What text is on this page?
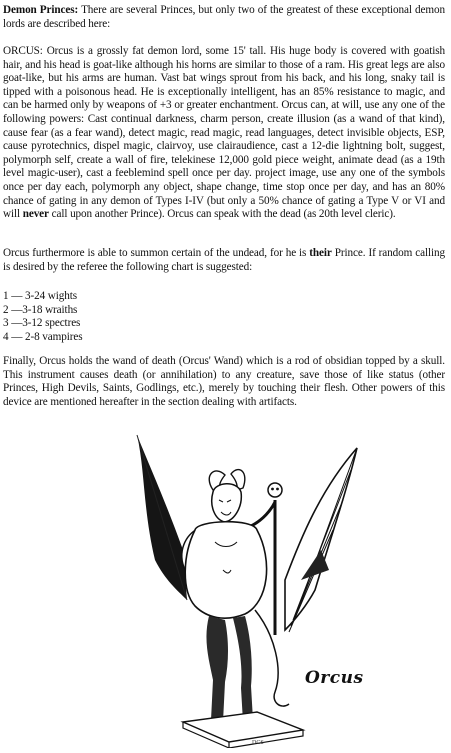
Demon Princes: There are several Princes, but only two of the greatest of these exceptional demon lords are described here:

ORCUS: Orcus is a grossly fat demon lord, some 15' tall. His huge body is covered with goatish hair, and his head is goat-like although his horns are similar to those of a ram. His great legs are also goat-like, but his arms are human. Vast bat wings sprout from his back, and his long, snaky tail is tipped with a poisonous head. He is exceptionally intelligent, has an 85% resistance to magic, and can be harmed only by weapons of +3 or greater enchantment. Orcus can, at will, use any one of the following powers: Cast continual darkness, charm person, create illusion (as a wand of that kind), cause fear (as a fear wand), detect magic, read magic, read languages, detect invisible objects, ESP, cause pyrotechnics, dispel magic, clairvoy, use clairaudience, cast a 12-die lightning bolt, suggest, polymorph self, create a wall of fire, telekinese 12,000 gold piece weight, animate dead (as a 19th level magic-user), cast a feeblemind spell once per day. project image, use any one of the symbols once per day each, polymorph any object, shape change, time stop once per day, and has an 80% chance of gating in any demon of Types I-IV (but only a 50% chance of gating a Type V or VI and will never call upon another Prince). Orcus can speak with the dead (as 20th level cleric).

Orcus furthermore is able to summon certain of the undead, for he is their Prince. If random calling is desired by the referee the following chart is suggested:

1 — 3-24 wights
2 —3-18 wraiths
3 —3-12 spectres
4 — 2-8 vampires

Finally, Orcus holds the wand of death (Orcus' Wand) which is a rod of obsidian topped by a skull. This instrument causes death (or annihilation) to any creature, save those of like status (other Princes, High Devils, Saints, Godlings, etc.), merely by touching their flesh. Other powers of this device are mentioned hereafter in the section dealing with artifacts.

Orcus
DCS
